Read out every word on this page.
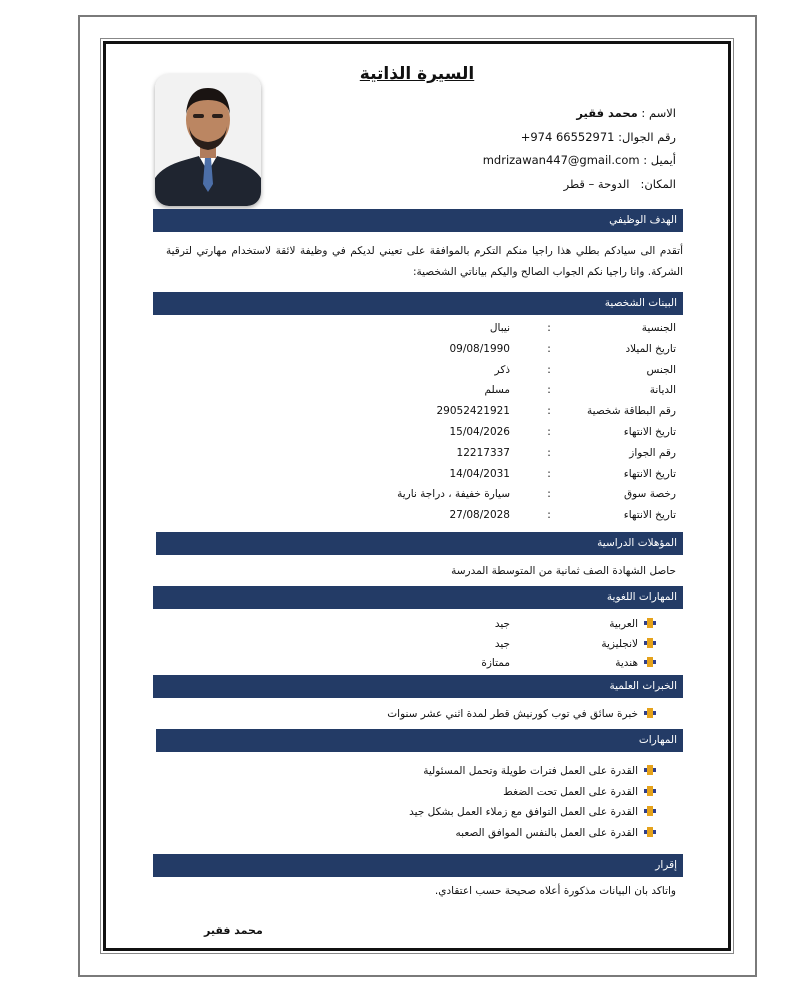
السيرة الذاتية
الاسم : محمد فقير
رقم الجوال: +974 66552971
أيميل : mdrizawan447@gmail.com
المكان:   الدوحة – قطر
الهدف الوظيفي
أتقدم الى سيادكم بطلي هذا راجيا منكم التكرم بالموافقة على تعيني لديكم في وظيفة لائقة لاستخدام مهارتي لترقية الشركة. وانا راجيا نكم الجواب الصالح واليكم بياناتي الشخصية:
البينات الشخصية
الجنسية
:
نيبال
تاريخ الميلاد
:
09/08/1990
الجنس
:
ذكر
الديانة
:
مسلم
رقم البطاقة شخصية
:
29052421921
تاريخ الانتهاء
:
15/04/2026
رقم الجواز
:
12217337
تاريخ الانتهاء
:
14/04/2031
رخصة سوق
:
سيارة خفيفة ، دراجة نارية
تاريخ الانتهاء
:
27/08/2028
المؤهلات الدراسية
حاصل الشهادة الصف ثمانية من المتوسطة المدرسة
المهارات اللغوية
العربية
جيد
لانجليزية
جيد
هندية
ممتازة
الخبرات العلمية
خبرة سائق في توب كورنيش قطر لمدة اثني عشر سنوات
المهارات
القدرة على العمل فترات طويلة وتحمل المسئولية
القدرة على العمل تحت الضغط
القدرة على العمل التوافق مع زملاء العمل بشكل جيد
القدرة على العمل بالنفس الموافق الصعبه
إقرار
واتاكد بان البيانات مذكورة أعلاه صحيحة حسب اعتقادي.
محمد فقير
